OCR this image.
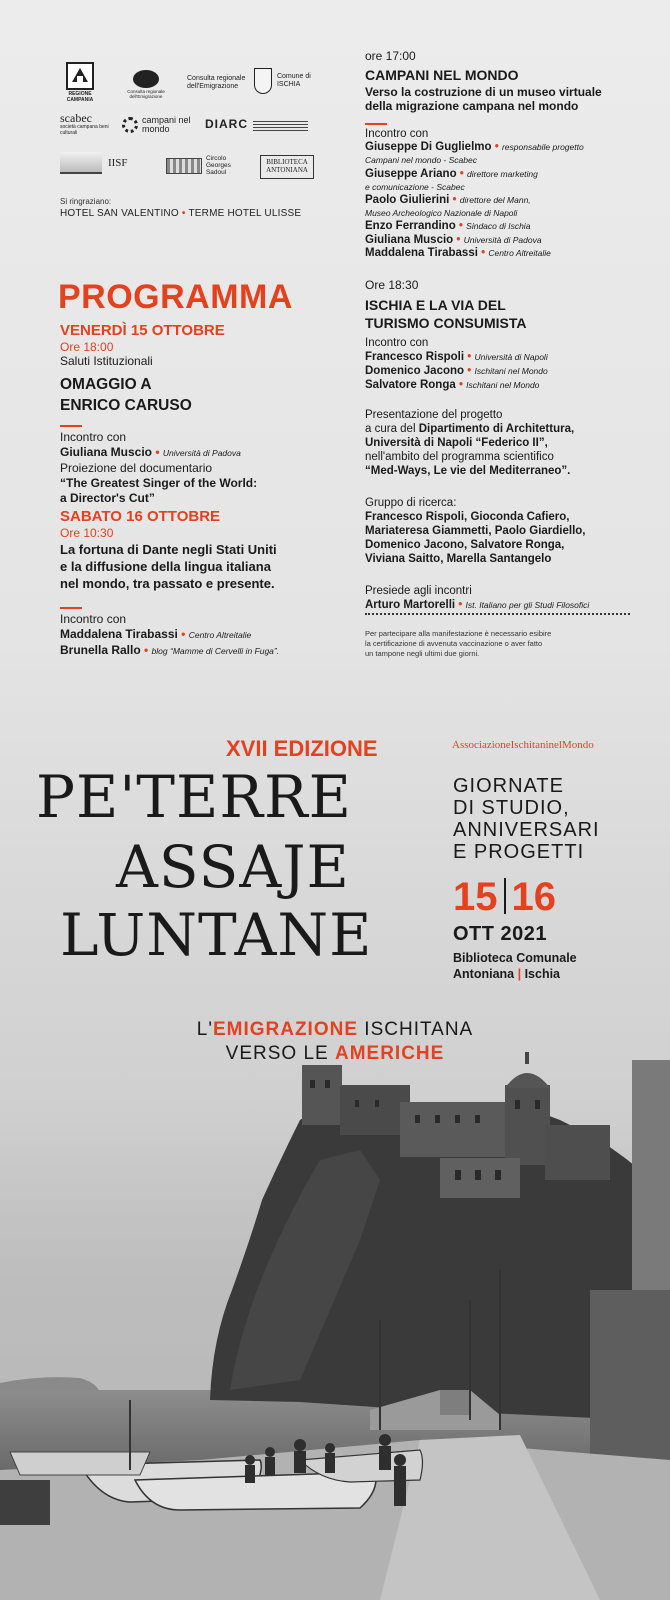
REGIONE CAMPANIA
Consulta regionale dell'Emigrazione
Consulta regionale dell'Emigrazione
Comune di ISCHIA
scabec
società campana beni culturali
campani nel mondo	DIARC
IISF	Circolo Georges Sadoul
BIBLIOTECA ANTONIANA
Si ringraziano:
HOTEL SAN VALENTINO • TERME HOTEL ULISSE
PROGRAMMA
VENERDÌ 15 OTTOBRE
Ore 18:00
Saluti Istituzionali
OMAGGIO A
ENRICO CARUSO
Incontro con
Giuliana Muscio • Università di Padova
Proiezione del documentario
“The Greatest Singer of the World:
a Director's Cut”
SABATO 16 OTTOBRE
Ore 10:30
La fortuna di Dante negli Stati Uniti
e la diffusione della lingua italiana
nel mondo, tra passato e presente.
Incontro con
Maddalena Tirabassi • Centro Altreitalie
Brunella Rallo • blog “Mamme di Cervelli in Fuga”.
ore 17:00
CAMPANI NEL MONDO
Verso la costruzione di un museo virtuale
della migrazione campana nel mondo
Incontro con
Giuseppe Di Guglielmo • responsabile progetto
Campani nel mondo - Scabec
Giuseppe Ariano • direttore marketing
e comunicazione - Scabec
Paolo Giulierini • direttore del Mann,
Museo Archeologico Nazionale di Napoli
Enzo Ferrandino • Sindaco di Ischia
Giuliana Muscio • Università di Padova
Maddalena Tirabassi • Centro Altreitalie
Ore 18:30
ISCHIA E LA VIA DEL
TURISMO CONSUMISTA
Incontro con
Francesco Rispoli • Università di Napoli
Domenico Jacono • Ischitani nel Mondo
Salvatore Ronga • Ischitani nel Mondo
Presentazione del progetto
a cura del Dipartimento di Architettura,
Università di Napoli “Federico II”,
nell'ambito del programma scientifico
“Med-Ways, Le vie del Mediterraneo”.
Gruppo di ricerca:
Francesco Rispoli, Gioconda Cafiero,
Mariateresa Giammetti, Paolo Giardiello,
Domenico Jacono, Salvatore Ronga,
Viviana Saitto, Marella Santangelo
Presiede agli incontri
Arturo Martorelli • Ist. Italiano per gli Studi Filosofici
Per partecipare alla manifestazione è necessario esibire
la certificazione di avvenuta vaccinazione o aver fatto
un tampone negli ultimi due giorni.
XVII EDIZIONE	AssociazioneIschitaninelMondo
PE'TERRE
ASSAJE
LUNTANE
GIORNATE
DI STUDIO,
ANNIVERSARI
E PROGETTI
15 16
OTT 2021
Biblioteca Comunale
Antoniana | Ischia
L'EMIGRAZIONE ISCHITANA
VERSO LE AMERICHE
